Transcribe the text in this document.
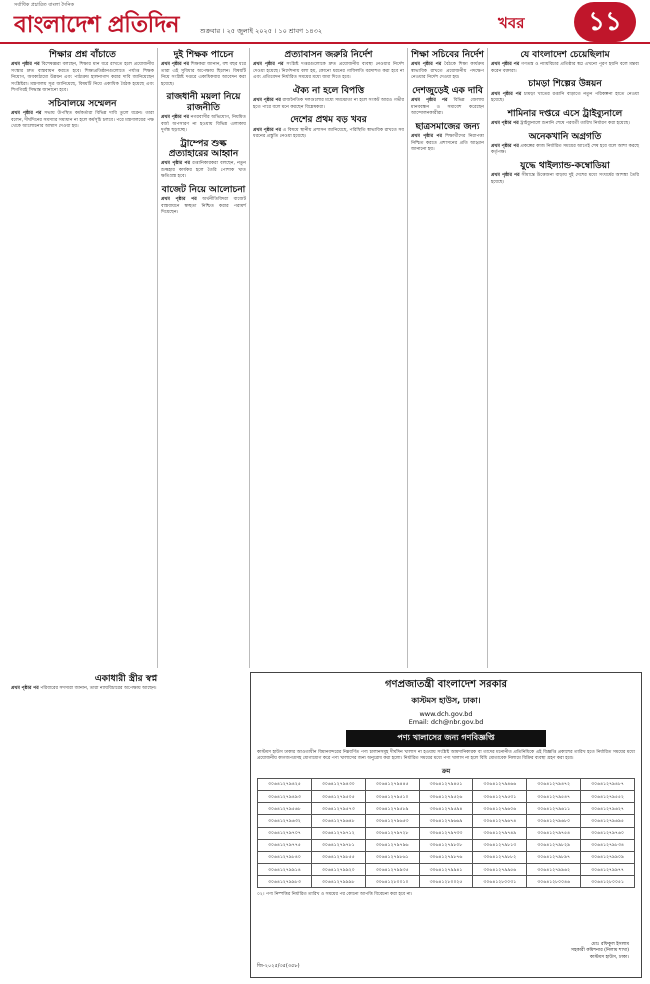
সর্বাধিক প্রচারিত বাংলা দৈনিক
বাংলাদেশ প্রতিদিন	শুক্রবার । ২৫ জুলাই ২০২৫ । ১০ শ্রাবণ ১৪৩২	খবর	১১
শিক্ষার প্রশ্ন বাঁচাতে
প্রথম পৃষ্ঠার পর বিশেষজ্ঞরা বলছেন, শিক্ষার মান ধরে রাখতে হলে প্রয়োজনীয় সংস্কার দ্রুত বাস্তবায়ন করতে হবে। শিক্ষাপ্রতিষ্ঠানগুলোতে পর্যাপ্ত শিক্ষক নিয়োগ, অবকাঠামো উন্নয়ন এবং পাঠ্যক্রম হালনাগাদ করার দাবি জানিয়েছেন সংশ্লিষ্টরা। মন্ত্রণালয় সূত্র জানিয়েছে, বিষয়টি নিয়ে একাধিক বৈঠক হয়েছে এবং শিগগিরই সিদ্ধান্ত জানানো হবে।
সচিবালয়ে সম্মেলন
প্রথম পৃষ্ঠার পর সভায় উপস্থিত কর্মকর্তারা বিভিন্ন দাবি তুলে ধরেন। তারা বলেন, দীর্ঘদিনের সমস্যার সমাধান না হলে কর্মসূচি চলবে। পরে মন্ত্রণালয়ের পক্ষ থেকে আলোচনার আশ্বাস দেওয়া হয়।
দুই শিক্ষক পাচেন
প্রথম পৃষ্ঠার পর শিক্ষকরা জানান, বহু বছর ধরে তারা এই সুবিধার অপেক্ষায় ছিলেন। বিষয়টি নিয়ে সংশ্লিষ্ট দপ্তরে একাধিকবার আবেদন করা হয়েছে।
রাজধানী ময়লা নিয়ে রাজনীতি
প্রথম পৃষ্ঠার পর নগরবাসীর অভিযোগ, নিয়মিত বর্জ্য অপসারণ না হওয়ায় বিভিন্ন এলাকায় দুর্গন্ধ ছড়াচ্ছে।
ট্রাম্পের শুল্ক প্রত্যাহারের আহ্বান
প্রথম পৃষ্ঠার পর রপ্তানিকারকরা বলছেন, নতুন শুল্কহার কার্যকর হলে তৈরি পোশাক খাত ক্ষতিগ্রস্ত হবে।
বাজেট নিয়ে আলোচনা
প্রথম পৃষ্ঠার পর অর্থনীতিবিদরা বাজেট বাস্তবায়নে স্বচ্ছতা নিশ্চিত করার পরামর্শ দিয়েছেন।
প্রত্যাবাসন জরুরি নির্দেশ
প্রথম পৃষ্ঠার পর সংশ্লিষ্ট দপ্তরগুলোকে দ্রুত প্রয়োজনীয় ব্যবস্থা নেওয়ার নির্দেশ দেওয়া হয়েছে। নির্দেশনায় বলা হয়, কোনো ধরনের গাফিলতি বরদাশত করা হবে না এবং প্রতিবেদন নির্ধারিত সময়ের মধ্যে জমা দিতে হবে।
ঐক্য না হলে বিপত্তি
প্রথম পৃষ্ঠার পর রাজনৈতিক দলগুলোর মধ্যে সমঝোতা না হলে সংকট আরও গভীর হতে পারে বলে মনে করছেন বিশ্লেষকরা।
দেশের প্রথম বড় খবর
প্রথম পৃষ্ঠার পর এ বিষয়ে স্থানীয় প্রশাসন জানিয়েছে, পরিস্থিতি স্বাভাবিক রাখতে সব ধরনের প্রস্তুতি নেওয়া হয়েছে।
শিক্ষা সচিবের নির্দেশ
প্রথম পৃষ্ঠার পর বৈঠকে শিক্ষা কার্যক্রম স্বাভাবিক রাখতে প্রয়োজনীয় পদক্ষেপ নেওয়ার নির্দেশ দেওয়া হয়।
দেশজুড়েই এক দাবি
প্রথম পৃষ্ঠার পর বিভিন্ন জেলায় মানববন্ধন ও সমাবেশ করেছেন আন্দোলনকারীরা।
ছাত্রসমাজের জন্য
প্রথম পৃষ্ঠার পর শিক্ষার্থীদের নিরাপত্তা নিশ্চিত করতে প্রশাসনের প্রতি আহ্বান জানানো হয়।
যে বাংলাদেশ চেয়েছিলাম
প্রথম পৃষ্ঠার পর গণতন্ত্র ও ন্যায়বিচার প্রতিষ্ঠার স্বপ্ন এখনো পূরণ হয়নি বলে মন্তব্য করেন বক্তারা।
চামড়া শিল্পের উন্নয়ন
প্রথম পৃষ্ঠার পর চামড়া খাতের রপ্তানি বাড়াতে নতুন পরিকল্পনা হাতে নেওয়া হয়েছে।
শামিনার দপ্তরে এসে ট্রাইব্যুনালে
প্রথম পৃষ্ঠার পর ট্রাইব্যুনালে শুনানি শেষে পরবর্তী তারিখ নির্ধারণ করা হয়েছে।
অনেকখানি অগ্রগতি
প্রথম পৃষ্ঠার পর প্রকল্পের কাজ নির্ধারিত সময়ের আগেই শেষ হবে বলে আশা করছে কর্তৃপক্ষ।
যুদ্ধে থাইল্যান্ড-কম্বোডিয়া
প্রথম পৃষ্ঠার পর সীমান্তে উত্তেজনা বাড়ায় দুই দেশের মধ্যে সংঘর্ষের আশঙ্কা তৈরি হয়েছে।
একাধারী স্ত্রীর স্বপ্ন
প্রথম পৃষ্ঠার পর পরিবারের সদস্যরা জানান, তারা ন্যায়বিচারের অপেক্ষায় আছেন।	গণপ্রজাতন্ত্রী বাংলাদেশ সরকার
কাস্টমস হাউস, ঢাকা।
www.dch.gov.bd
Email: dch@nbr.gov.bd
পণ্য খালাসের জন্য গণবিজ্ঞপ্তি
কাস্টমস হাউস ঢাকার আওতাধীন বিমানবন্দরের নিম্নবর্ণিত পণ্য চালানসমূহ দীর্ঘদিন খালাস না হওয়ায় সংশ্লিষ্ট আমদানিকারক বা তাদের মনোনীত প্রতিনিধিকে এই বিজ্ঞপ্তি প্রকাশের তারিখ হতে নির্ধারিত সময়ের মধ্যে প্রয়োজনীয় কাগজপত্রসহ যোগাযোগ করে পণ্য খালাসের জন্য অনুরোধ করা হলো। নির্ধারিত সময়ের মধ্যে পণ্য খালাস না হলে বিধি মোতাবেক নিলামে বিক্রির ব্যবস্থা গ্রহণ করা হবে।
ক্রম
৩০৬৪১২৭৯৪২৫	৩০৬৪১২৭৯৪৩০	৩০৬৪১২৭৯৪৪৫	৩০৬৪১২৭৯৪৫১	৩০৬৪১২৭৯৪৬৬	৩০৬৪১২৭৯৪৭২	৩০৬৪১২৭৯৪৮৭
৩০৬৪১২৭৯৪৯৩	৩০৬৪১২৭৯৫০৫	৩০৬৪১২৭৯৫১০	৩০৬৪১২৭৯৫২৬	৩০৬৪১২৭৯৫৩১	৩০৬৪১২৭৯৫৪৭	৩০৬৪১২৭৯৫৫২
৩০৬৪১২৭৯৫৬৮	৩০৬৪১২৭৯৫৭৩	৩০৬৪১২৭৯৫৮৯	৩০৬৪১২৭৯৫৯৪	৩০৬৪১২৭৯৬০৬	৩০৬৪১২৭৯৬১১	৩০৬৪১২৭৯৬২৭
৩০৬৪১২৭৯৬৩২	৩০৬৪১২৭৯৬৪৮	৩০৬৪১২৭৯৬৫৩	৩০৬৪১২৭৯৬৬৯	৩০৬৪১২৭৯৬৭৪	৩০৬৪১২৭৯৬৮০	৩০৬৪১২৭৯৬৯৫
৩০৬৪১২৭৯৭০৭	৩০৬৪১২৭৯৭১২	৩০৬৪১২৭৯৭২৮	৩০৬৪১২৭৯৭৩৩	৩০৬৪১২৭৯৭৪৯	৩০৬৪১২৭৯৭৫৪	৩০৬৪১২৭৯৭৬০
৩০৬৪১২৭৯৭৭৫	৩০৬৪১২৭৯৭৮১	৩০৬৪১২৭৯৭৯৬	৩০৬৪১২৭৯৮০৮	৩০৬৪১২৭৯৮১৩	৩০৬৪১২৭৯৮২৯	৩০৬৪১২৭৯৮৩৪
৩০৬৪১২৭৯৮৪০	৩০৬৪১২৭৯৮৫৫	৩০৬৪১২৭৯৮৬১	৩০৬৪১২৭৯৮৭৬	৩০৬৪১২৭৯৮৮২	৩০৬৪১২৭৯৮৯৭	৩০৬৪১২৭৯৯০৯
৩০৬৪১২৭৯৯১৪	৩০৬৪১২৭৯৯২০	৩০৬৪১২৭৯৯৩৫	৩০৬৪১২৭৯৯৪১	৩০৬৪১২৭৯৯৫৬	৩০৬৪১২৭৯৯৬২	৩০৬৪১২৭৯৯৭৭
৩০৬৪১২৭৯৯৮৩	৩০৬৪১২৭৯৯৯৮	৩০৬৪১২৮০০১০	৩০৬৪১২৮০০২৫	৩০৬৪১২৮০০৩১	৩০৬৪১২৮০০৪৬	৩০৬৪১২৮০০৫১
০২। পণ্য নিষ্পত্তির নির্ধারিত তারিখ ও সময়ের পর কোনো আপত্তি বিবেচনা করা হবে না।
মোঃ রফিকুল ইসলাম
সহকারী কমিশনার (নিলাম শাখা)
কাস্টমস হাউস, ঢাকা।
জি-২০২৫/৩৫(৩৫৮)
